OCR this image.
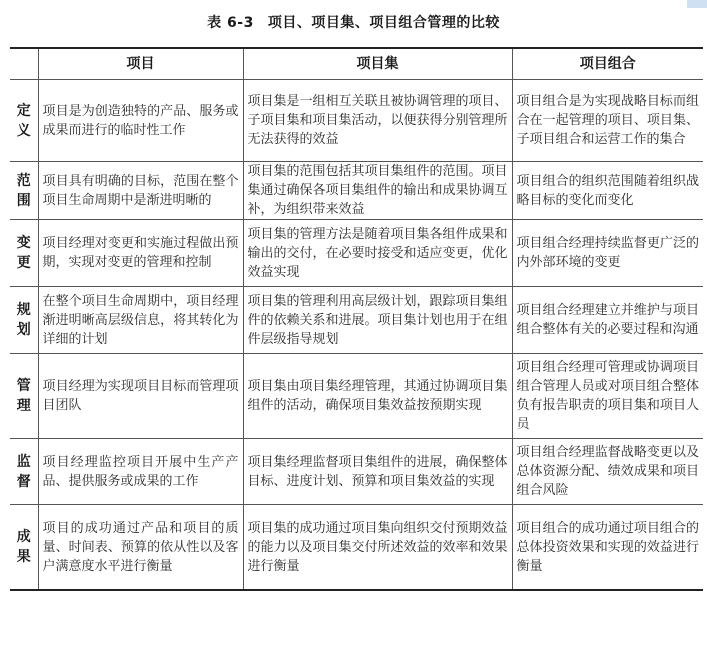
表 6-3 项目、项目集、项目组合管理的比较
	项目	项目集	项目组合

定义	项目是为创造独特的产品、服务或成果而进行的临时性工作	项目集是一组相互关联且被协调管理的项目、子项目集和项目集活动，以便获得分别管理所无法获得的效益	项目组合是为实现战略目标而组合在一起管理的项目、项目集、子项目组合和运营工作的集合

范围	项目具有明确的目标，范围在整个项目生命周期中是渐进明晰的	项目集的范围包括其项目集组件的范围。项目集通过确保各项目集组件的输出和成果协调互补，为组织带来效益	项目组合的组织范围随着组织战略目标的变化而变化

变更	项目经理对变更和实施过程做出预期，实现对变更的管理和控制	项目集的管理方法是随着项目集各组件成果和输出的交付，在必要时接受和适应变更，优化效益实现	项目组合经理持续监督更广泛的内外部环境的变更

规划	在整个项目生命周期中，项目经理渐进明晰高层级信息，将其转化为详细的计划	项目集的管理利用高层级计划，跟踪项目集组件的依赖关系和进展。项目集计划也用于在组件层级指导规划	项目组合经理建立并维护与项目组合整体有关的必要过程和沟通

管理	项目经理为实现项目目标而管理项目团队	项目集由项目集经理管理，其通过协调项目集组件的活动，确保项目集效益按预期实现	项目组合经理可管理或协调项目组合管理人员或对项目组合整体负有报告职责的项目集和项目人员

监督	项目经理监控项目开展中生产产品、提供服务或成果的工作	项目集经理监督项目集组件的进展，确保整体目标、进度计划、预算和项目集效益的实现	项目组合经理监督战略变更以及总体资源分配、绩效成果和项目组合风险

成果	项目的成功通过产品和项目的质量、时间表、预算的依从性以及客户满意度水平进行衡量	项目集的成功通过项目集向组织交付预期效益的能力以及项目集交付所述效益的效率和效果进行衡量	项目组合的成功通过项目组合的总体投资效果和实现的效益进行衡量
